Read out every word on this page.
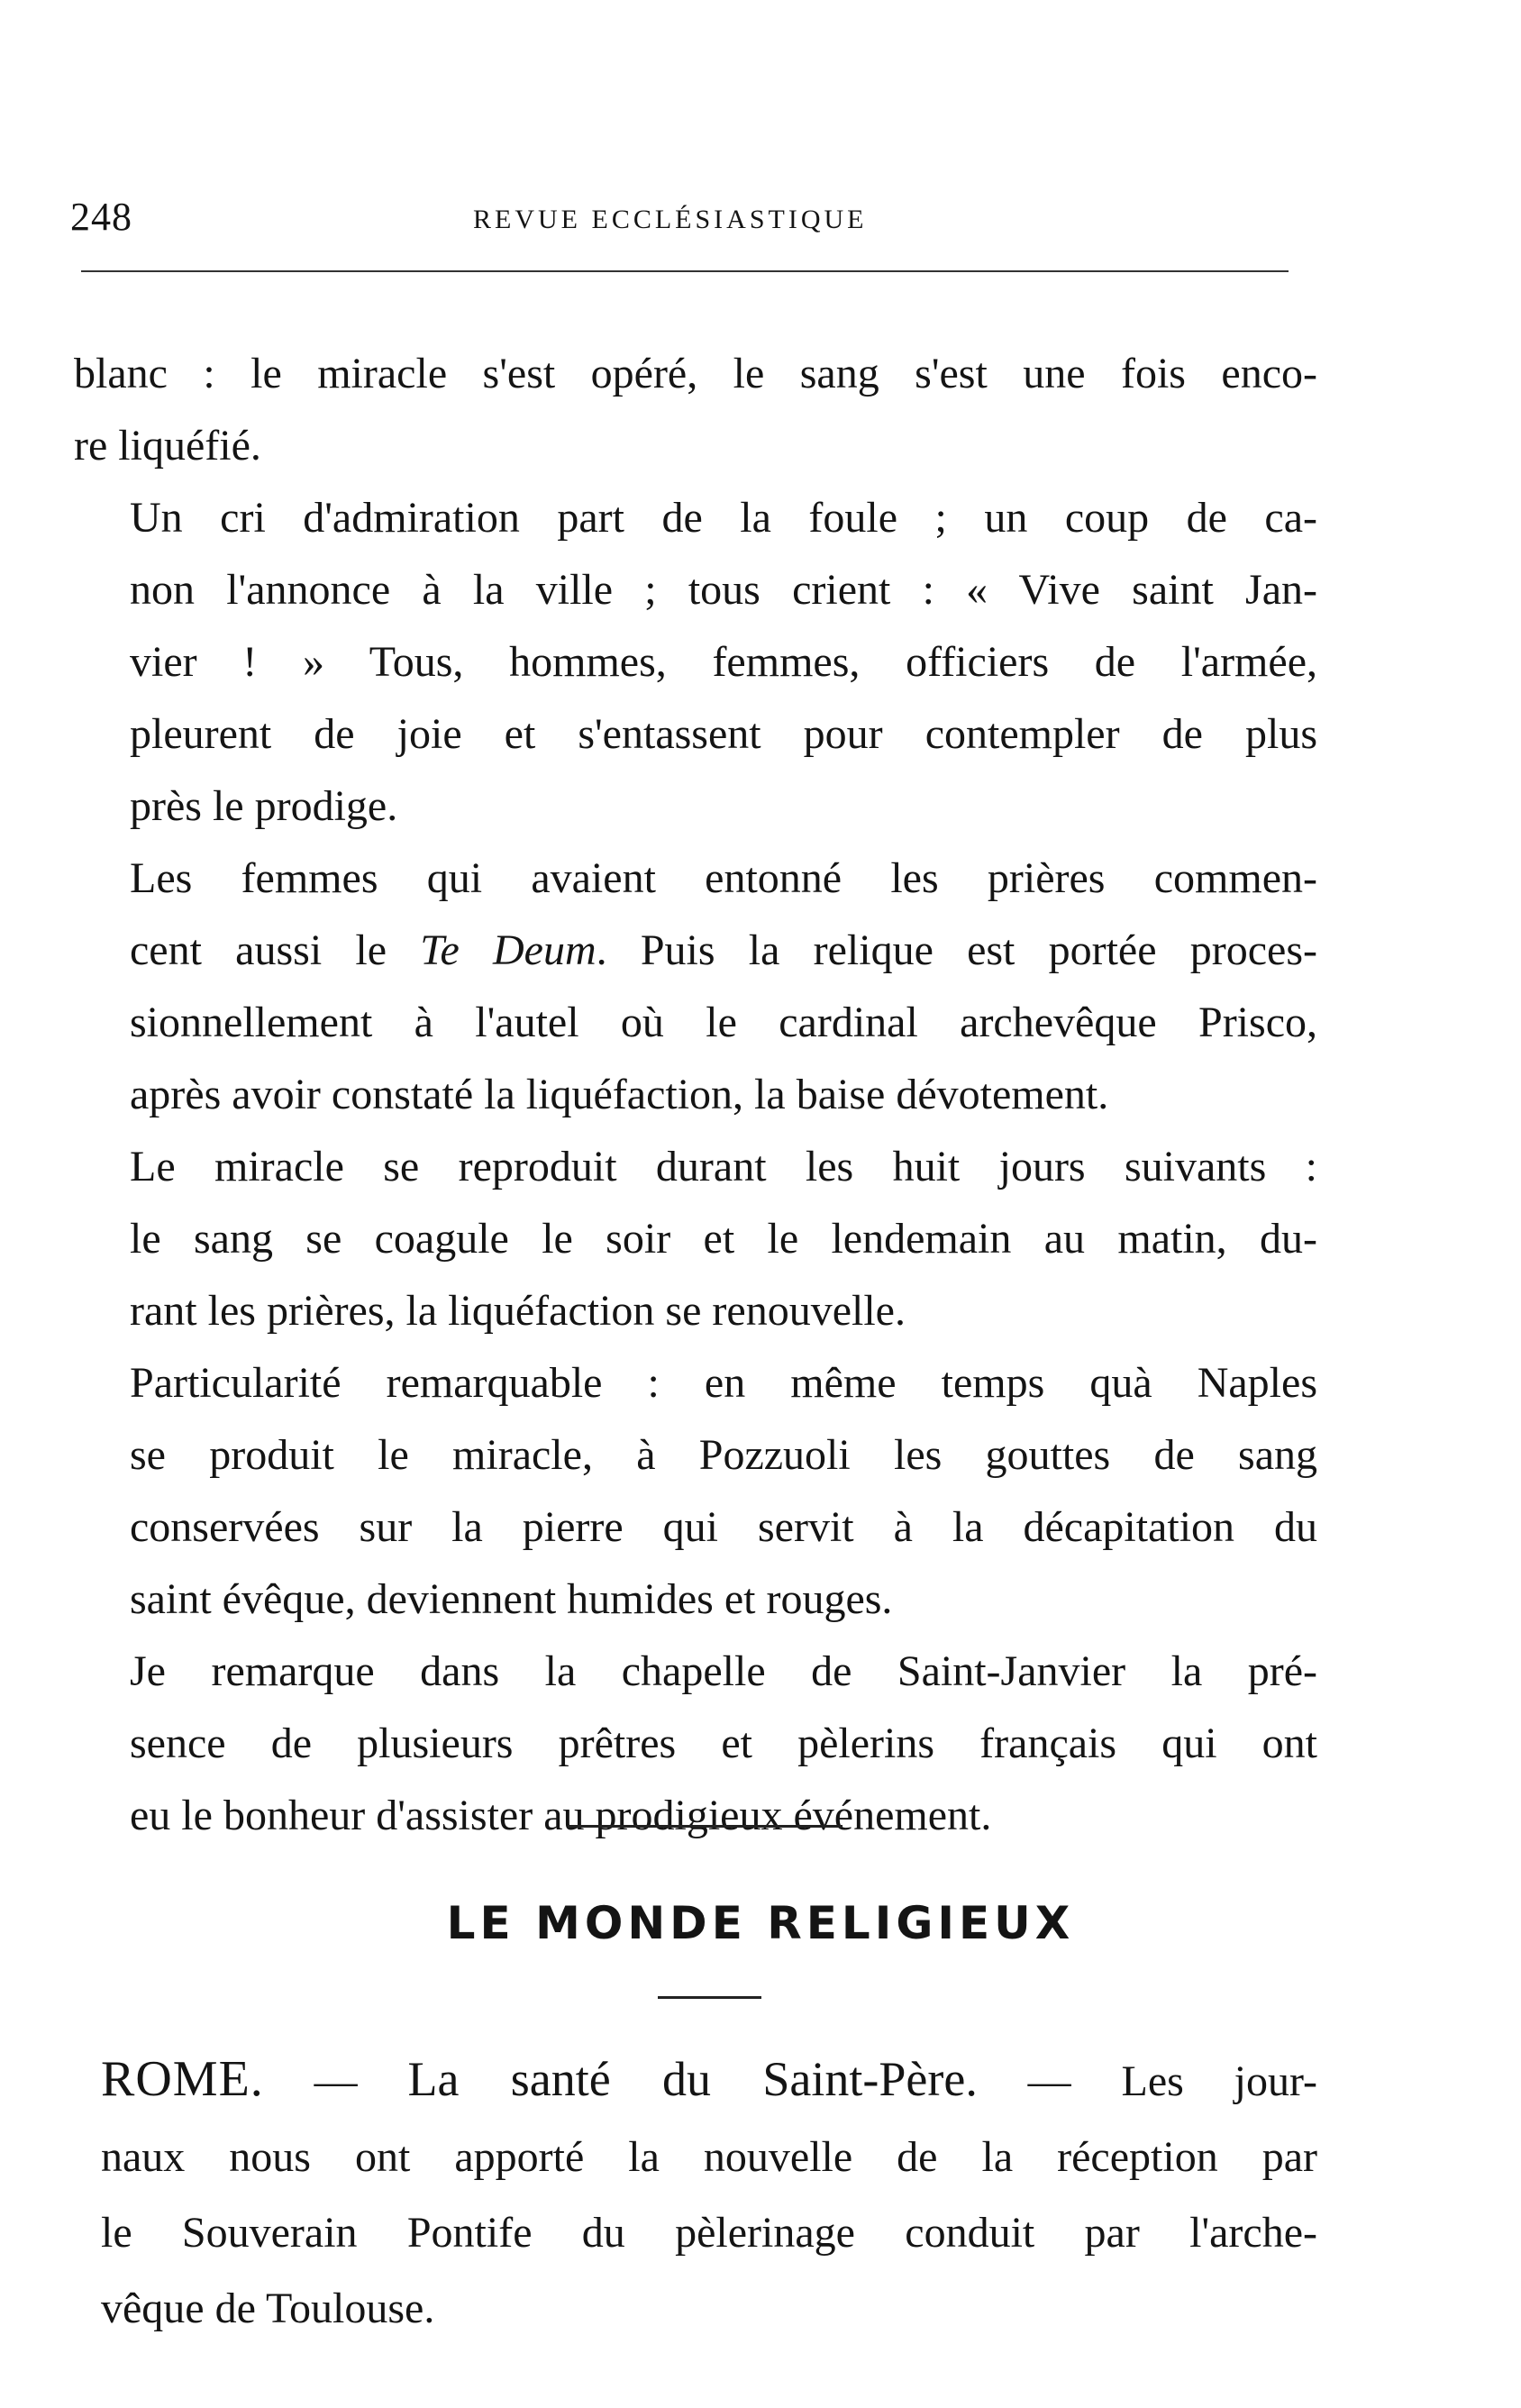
248	REVUE ECCLÉSIASTIQUE

blanc : le miracle s'est opéré, le sang s'est une fois enco-
re liquéfié.

Un cri d'admiration part de la foule ; un coup de ca-
non l'annonce à la ville ; tous crient : « Vive saint Jan-
vier ! » Tous, hommes, femmes, officiers de l'armée,
pleurent de joie et s'entassent pour contempler de plus
près le prodige.

Les femmes qui avaient entonné les prières commen-
cent aussi le Te Deum. Puis la relique est portée proces-
sionnellement à l'autel où le cardinal archevêque Prisco,
après avoir constaté la liquéfaction, la baise dévotement.

Le miracle se reproduit durant les huit jours suivants :
le sang se coagule le soir et le lendemain au matin, du-
rant les prières, la liquéfaction se renouvelle.

Particularité remarquable : en même temps quà Naples
se produit le miracle, à Pozzuoli les gouttes de sang
conservées sur la pierre qui servit à la décapitation du
saint évêque, deviennent humides et rouges.

Je remarque dans la chapelle de Saint-Janvier la pré-
sence de plusieurs prêtres et pèlerins français qui ont
eu le bonheur d'assister au prodigieux événement.

LE MONDE RELIGIEUX
ROME. — La santé du Saint-Père. — Les jour-
naux nous ont apporté la nouvelle de la réception par
le Souverain Pontife du pèlerinage conduit par l'arche-
vêque de Toulouse.
